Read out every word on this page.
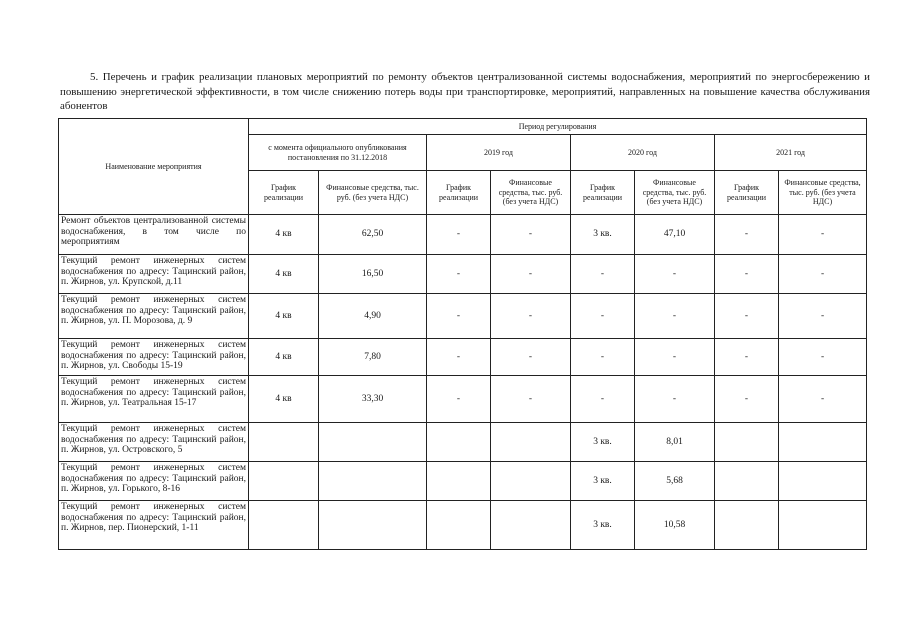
5. Перечень и график реализации плановых мероприятий по ремонту объектов централизованной системы водоснабжения, мероприятий по энергосбережению и повышению энергетической эффективности, в том числе снижению потерь воды при транспортировке, мероприятий, направленных на повышение качества обслуживания абонентов
Наименование мероприятия	Период регулирования							
	с момента официального опубликования постановления по 31.12.2018		2019 год		2020 год		2021 год	
	График реализации	Финансовые средства, тыс. руб. (без учета НДС)	График реализации	Финансовые средства, тыс. руб. (без учета НДС)	График реализации	Финансовые средства, тыс. руб. (без учета НДС)	График реализации	Финансовые средства, тыс. руб. (без учета НДС)
Ремонт объектов централизованной системы водоснабжения, в том числе по мероприятиям	4 кв	62,50	-	-	3 кв.	47,10	-	-
Текущий ремонт инженерных систем водоснабжения по адресу: Тацинский район, п. Жирнов, ул. Крупской, д.11	4 кв	16,50	-	-	-	-	-	-
Текущий ремонт инженерных систем водоснабжения по адресу: Тацинский район, п. Жирнов, ул. П. Морозова, д. 9	4 кв	4,90	-	-	-	-	-	-
Текущий ремонт инженерных систем водоснабжения по адресу: Тацинский район, п. Жирнов, ул. Свободы 15-19	4 кв	7,80	-	-	-	-	-	-
Текущий ремонт инженерных систем водоснабжения по адресу: Тацинский район, п. Жирнов, ул. Театральная 15-17	4 кв	33,30	-	-	-	-	-	-
Текущий ремонт инженерных систем водоснабжения по адресу: Тацинский район, п. Жирнов, ул. Островского, 5					3 кв.	8,01		
Текущий ремонт инженерных систем водоснабжения по адресу: Тацинский район, п. Жирнов, ул. Горького, 8-16					3 кв.	5,68		
Текущий ремонт инженерных систем водоснабжения по адресу: Тацинский район, п. Жирнов, пер. Пионерский, 1-11					3 кв.	10,58		
